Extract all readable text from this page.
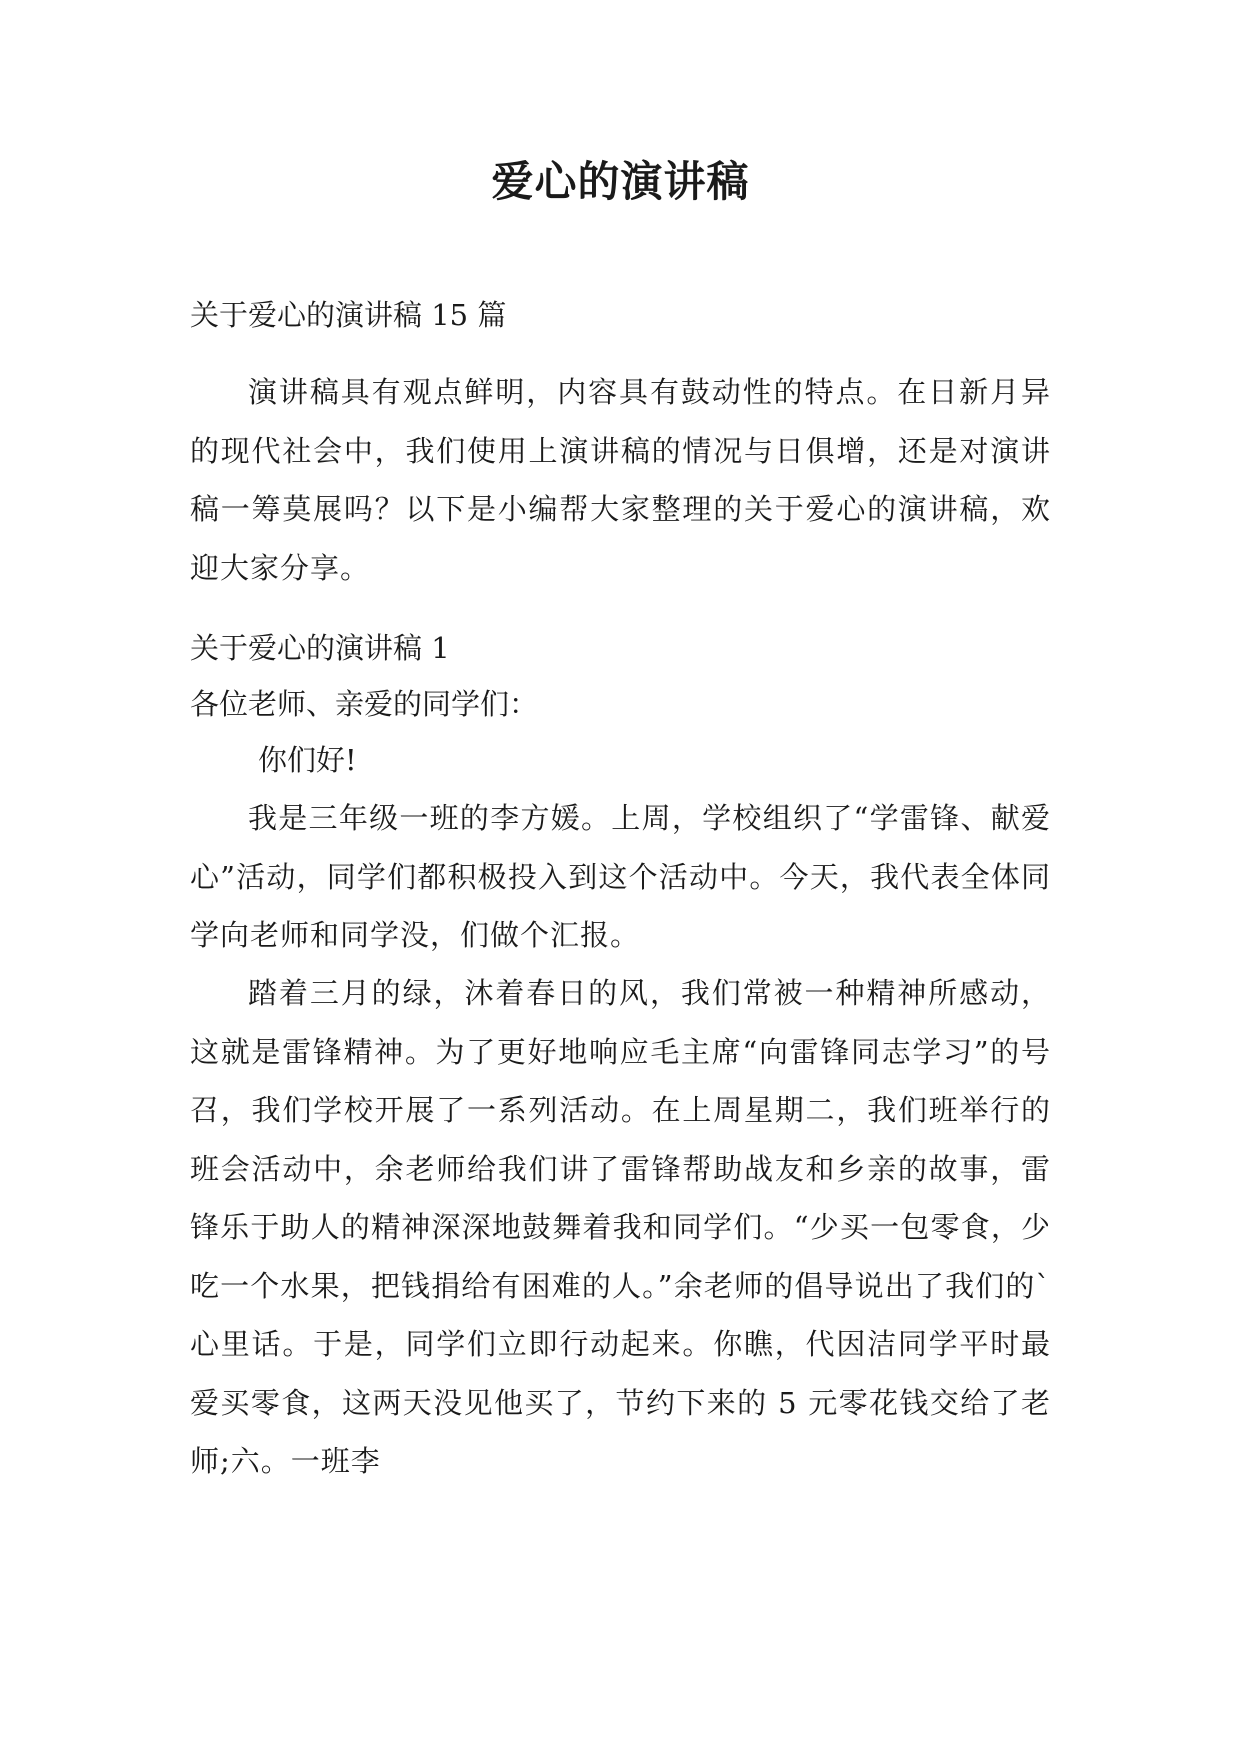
爱心的演讲稿
关于爱心的演讲稿 15 篇

演讲稿具有观点鲜明，内容具有鼓动性的特点。在日新月异的现代社会中，我们使用上演讲稿的情况与日俱增，还是对演讲稿一筹莫展吗？以下是小编帮大家整理的关于爱心的演讲稿，欢迎大家分享。

关于爱心的演讲稿 1

各位老师、亲爱的同学们：

你们好!

我是三年级一班的李方媛。上周，学校组织了“学雷锋、献爱心”活动，同学们都积极投入到这个活动中。今天，我代表全体同学向老师和同学没，们做个汇报。

踏着三月的绿，沐着春日的风，我们常被一种精神所感动，这就是雷锋精神。为了更好地响应毛主席“向雷锋同志学习”的号召，我们学校开展了一系列活动。在上周星期二，我们班举行的班会活动中，余老师给我们讲了雷锋帮助战友和乡亲的故事，雷锋乐于助人的精神深深地鼓舞着我和同学们。“少买一包零食，少吃一个水果，把钱捐给有困难的人。”余老师的倡导说出了我们的`心里话。于是，同学们立即行动起来。你瞧，代因洁同学平时最爱买零食，这两天没见他买了，节约下来的 5 元零花钱交给了老师;六。一班李
